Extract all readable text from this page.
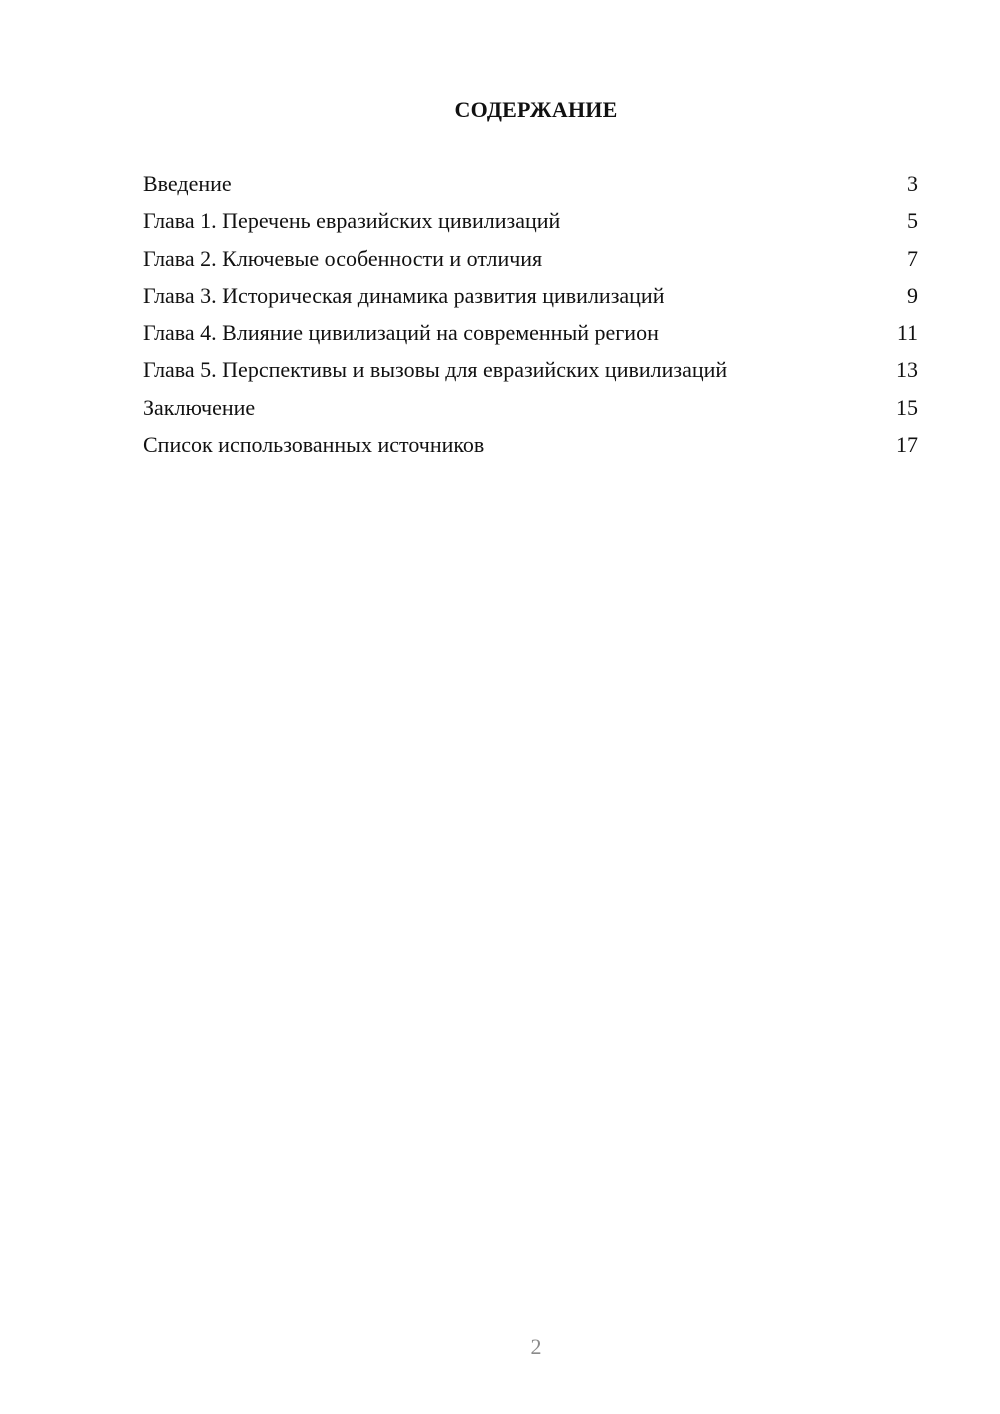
СОДЕРЖАНИЕ
Введение	3
Глава 1. Перечень евразийских цивилизаций	5
Глава 2. Ключевые особенности и отличия	7
Глава 3. Историческая динамика развития цивилизаций	9
Глава 4. Влияние цивилизаций на современный регион	11
Глава 5. Перспективы и вызовы для евразийских цивилизаций	13
Заключение	15
Список использованных источников	17
2
